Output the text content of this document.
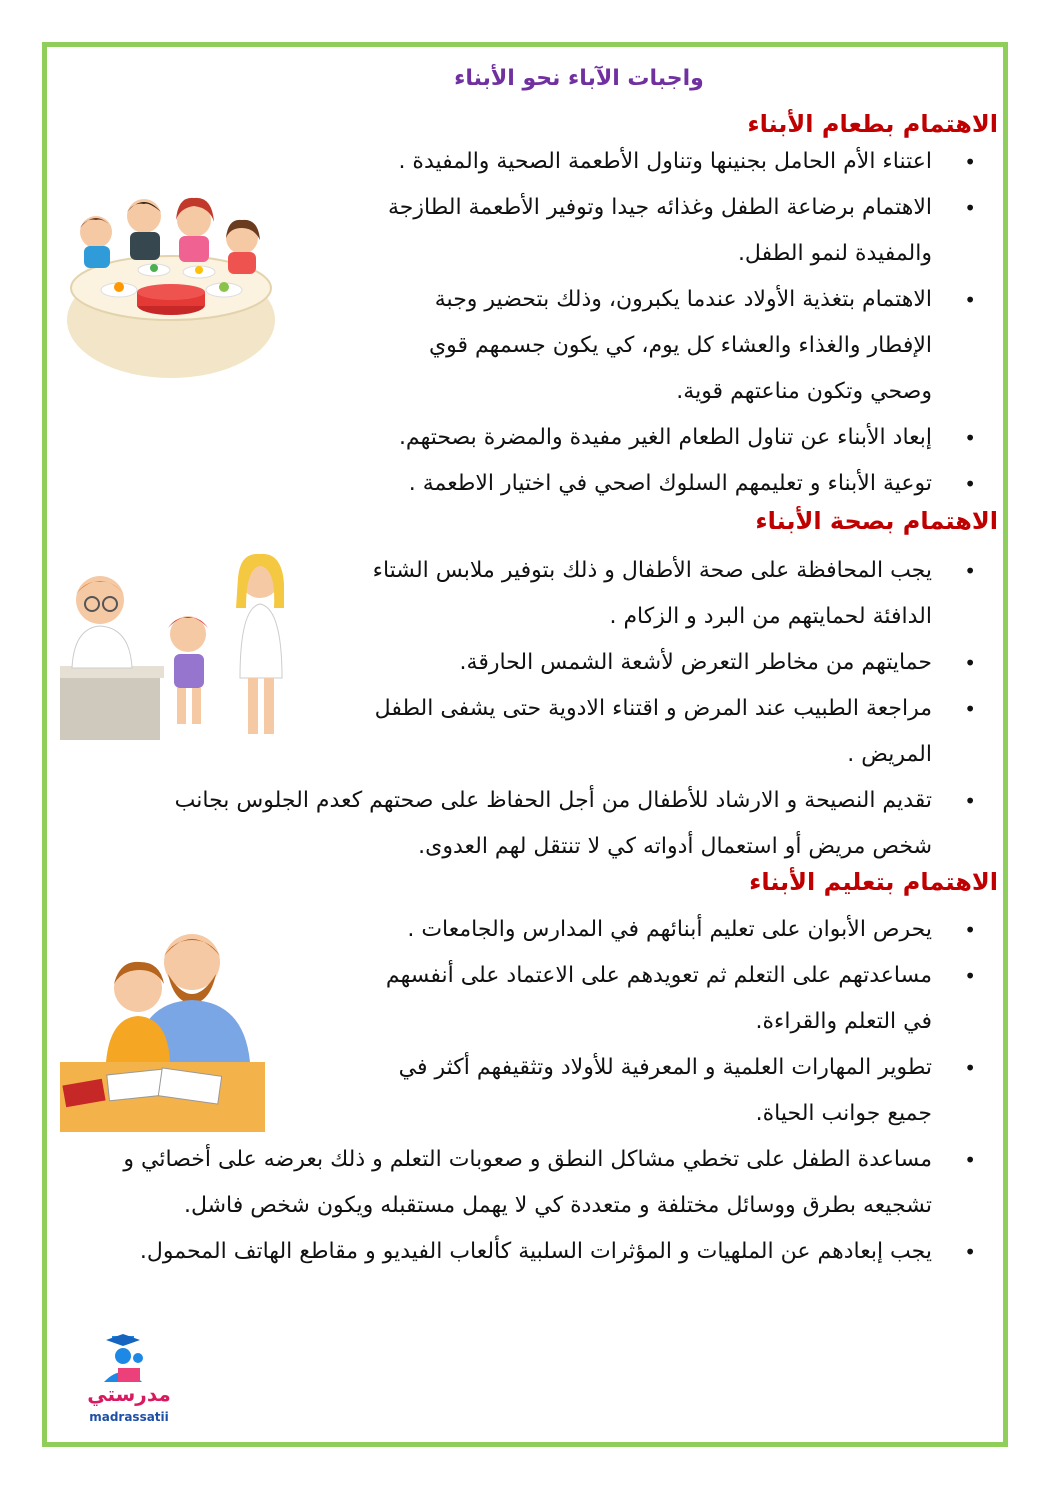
واجبات الآباء نحو الأبناء
الاهتمام بطعام الأبناء
• اعتناء الأم الحامل بجنينها وتناول الأطعمة الصحية والمفيدة .
• الاهتمام برضاعة الطفل وغذائه جيدا وتوفير الأطعمة الطازجة والمفيدة لنمو الطفل.
• الاهتمام بتغذية الأولاد عندما يكبرون، وذلك بتحضير وجبة الإفطار والغذاء والعشاء كل يوم، كي يكون جسمهم قوي وصحي وتكون مناعتهم قوية.
• إبعاد الأبناء عن تناول الطعام الغير مفيدة والمضرة بصحتهم.
• توعية الأبناء و تعليمهم السلوك اصحي في اختيار الاطعمة .
الاهتمام بصحة الأبناء
• يجب المحافظة على صحة الأطفال و ذلك بتوفير ملابس الشتاء الدافئة لحمايتهم من البرد و الزكام .
• حمايتهم من مخاطر التعرض لأشعة الشمس الحارقة.
• مراجعة الطبيب عند المرض و اقتناء الادوية حتى يشفى الطفل المريض .
• تقديم النصيحة و الارشاد للأطفال من أجل الحفاظ على صحتهم كعدم الجلوس بجانب شخص مريض أو استعمال أدواته كي لا تنتقل لهم العدوى.
الاهتمام بتعليم الأبناء
• يحرص الأبوان على تعليم أبنائهم في المدارس والجامعات .
• مساعدتهم على التعلم ثم تعويدهم على الاعتماد على أنفسهم في التعلم والقراءة.
• تطوير المهارات العلمية و المعرفية للأولاد وتثقيفهم أكثر في جميع جوانب الحياة.
• مساعدة الطفل على تخطي مشاكل النطق و صعوبات التعلم و ذلك بعرضه على أخصائي و تشجيعه بطرق ووسائل مختلفة و متعددة كي لا يهمل مستقبله ويكون شخص فاشل.
• يجب إبعادهم عن الملهيات و المؤثرات السلبية كألعاب الفيديو و مقاطع الهاتف المحمول.
مدرستي
madrassatii
